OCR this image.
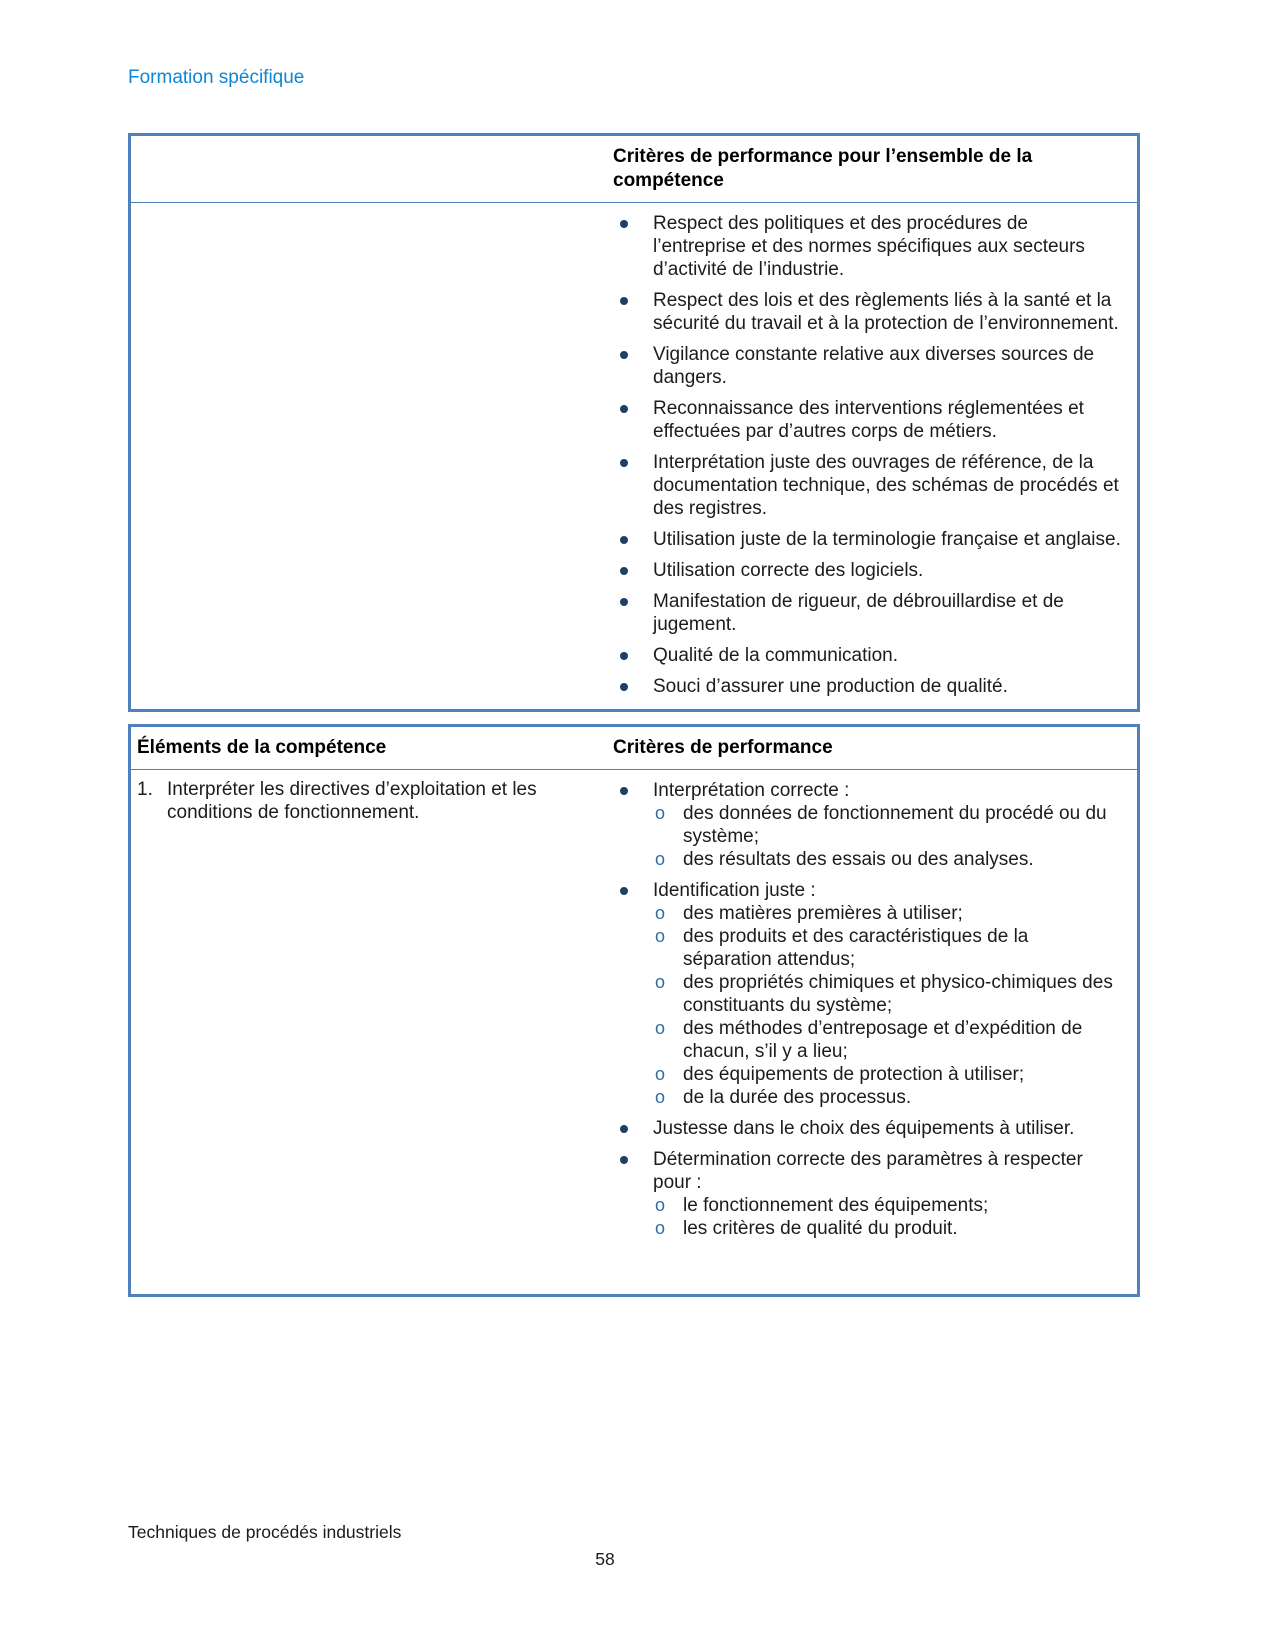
Formation spécifique
Critères de performance pour l’ensemble de la compétence
Respect des politiques et des procédures de l’entreprise et des normes spécifiques aux secteurs d’activité de l’industrie.
Respect des lois et des règlements liés à la santé et la sécurité du travail et à la protection de l’environnement.
Vigilance constante relative aux diverses sources de dangers.
Reconnaissance des interventions réglementées et effectuées par d’autres corps de métiers.
Interprétation juste des ouvrages de référence, de la documentation technique, des schémas de procédés et des registres.
Utilisation juste de la terminologie française et anglaise.
Utilisation correcte des logiciels.
Manifestation de rigueur, de débrouillardise et de jugement.
Qualité de la communication.
Souci d’assurer une production de qualité.
Éléments de la compétence	Critères de performance
1. Interpréter les directives d’exploitation et les conditions de fonctionnement.
Interprétation correcte :
o des données de fonctionnement du procédé ou du système;
o des résultats des essais ou des analyses.
Identification juste :
o des matières premières à utiliser;
o des produits et des caractéristiques de la séparation attendus;
o des propriétés chimiques et physico-chimiques des constituants du système;
o des méthodes d’entreposage et d’expédition de chacun, s’il y a lieu;
o des équipements de protection à utiliser;
o de la durée des processus.
Justesse dans le choix des équipements à utiliser.
Détermination correcte des paramètres à respecter pour :
o le fonctionnement des équipements;
o les critères de qualité du produit.
Techniques de procédés industriels
58
